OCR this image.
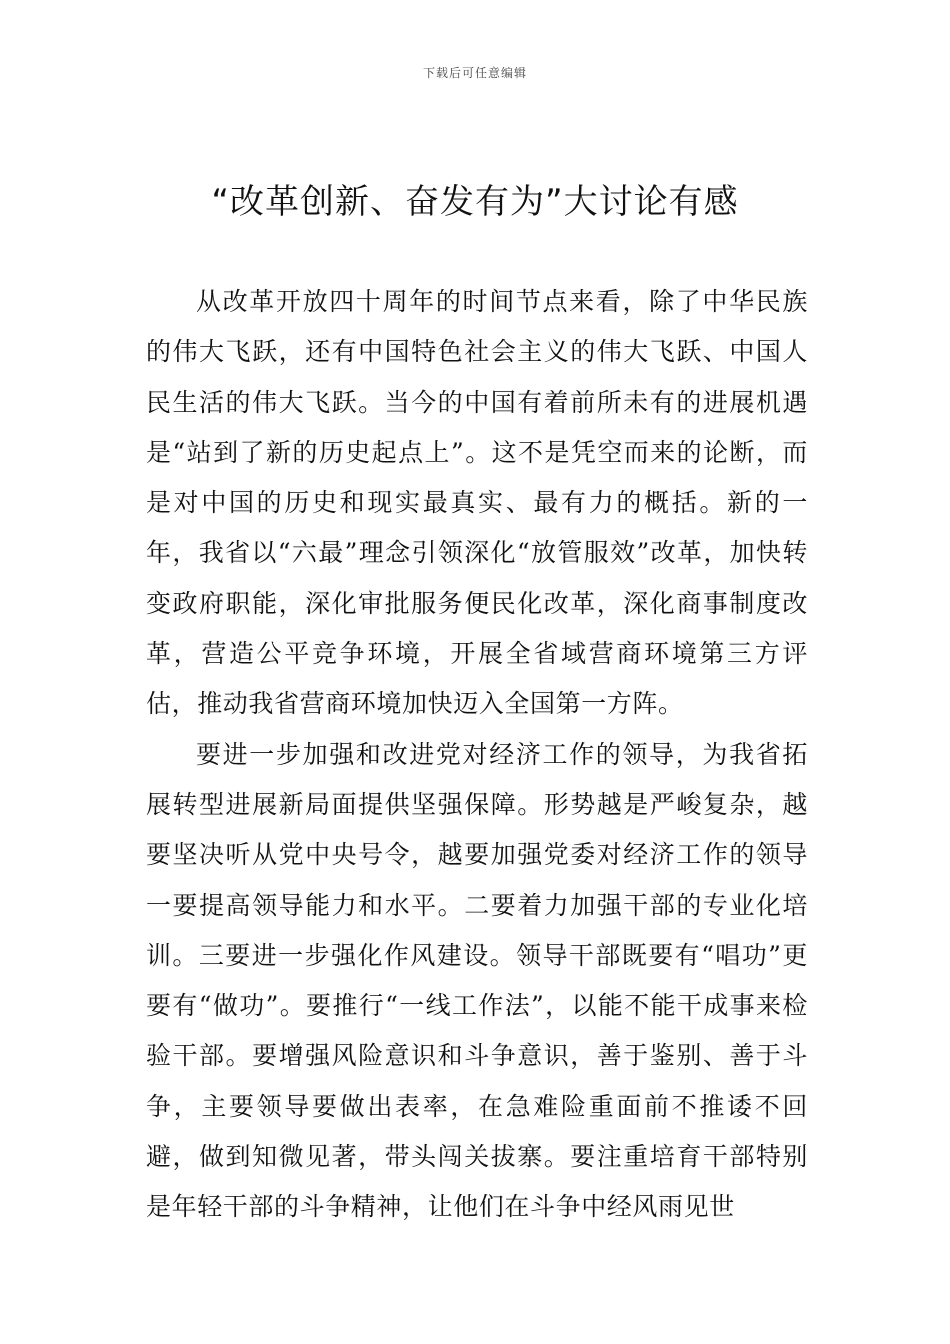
下载后可任意编辑
“改革创新、奋发有为”大讨论有感

从改革开放四十周年的时间节点来看，除了中华民族的伟大飞跃，还有中国特色社会主义的伟大飞跃、中国人民生活的伟大飞跃。当今的中国有着前所未有的进展机遇是“站到了新的历史起点上”。这不是凭空而来的论断，而是对中国的历史和现实最真实、最有力的概括。新的一年，我省以“六最”理念引领深化“放管服效”改革，加快转变政府职能，深化审批服务便民化改革，深化商事制度改革，营造公平竞争环境，开展全省域营商环境第三方评估，推动我省营商环境加快迈入全国第一方阵。

要进一步加强和改进党对经济工作的领导，为我省拓展转型进展新局面提供坚强保障。形势越是严峻复杂，越要坚决听从党中央号令，越要加强党委对经济工作的领导一要提高领导能力和水平。二要着力加强干部的专业化培训。三要进一步强化作风建设。领导干部既要有“唱功”更要有“做功”。要推行“一线工作法”，以能不能干成事来检验干部。要增强风险意识和斗争意识，善于鉴别、善于斗争，主要领导要做出表率，在急难险重面前不推诿不回避，做到知微见著，带头闯关拔寨。要注重培育干部特别是年轻干部的斗争精神，让他们在斗争中经风雨见世
